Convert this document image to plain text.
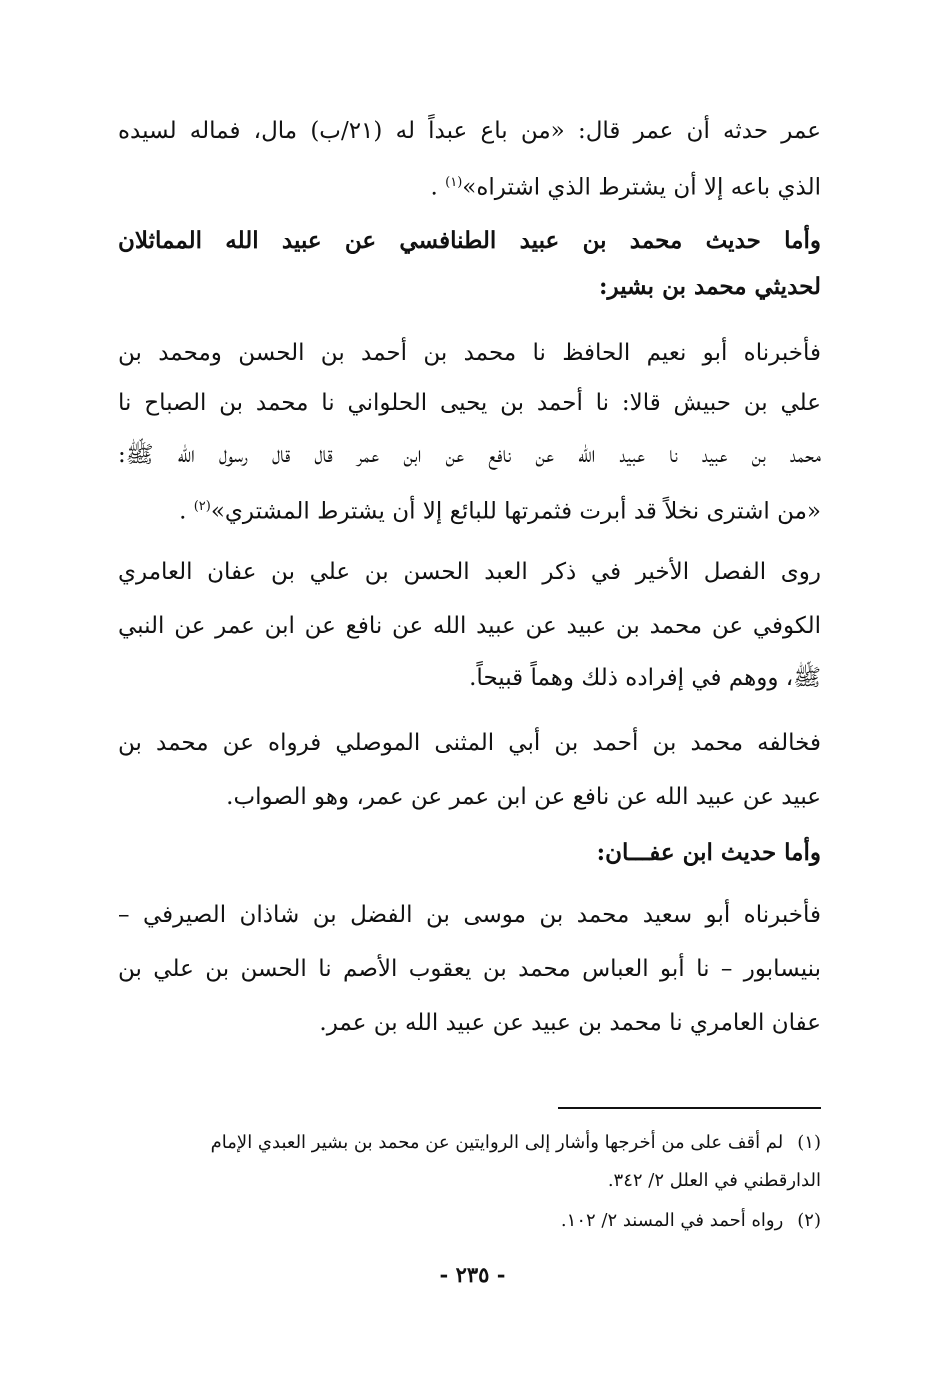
عمر حدثه أن عمر قال: «من باع عبداً له (٢١/ب) مال، فماله لسيده
الذي باعه إلا أن يشترط الذي اشتراه»$^{(١)}$ .
وأما حديث محمد بن عبيد الطنافسي عن عبيد الله المماثلان
لحديثي محمد بن بشير:
فأخبرناه أبو نعيم الحافظ نا محمد بن أحمد بن الحسن ومحمد بن
علي بن حبيش قالا: نا أحمد بن يحيى الحلواني نا محمد بن الصباح نا
محمد بن عبيد نا عبيد الله عن نافع عن ابن عمر قال قال رسول الله ﷺ:
«من اشترى نخلاً قد أبرت فثمرتها للبائع إلا أن يشترط المشتري»$^{(٢)}$ .
روى الفصل الأخير في ذكر العبد الحسن بن علي بن عفان العامري
الكوفي عن محمد بن عبيد عن عبيد الله عن نافع عن ابن عمر عن النبي
ﷺ، ووهم في إفراده ذلك وهماً قبيحاً.
فخالفه محمد بن أحمد بن أبي المثنى الموصلي فرواه عن محمد بن
عبيد عن عبيد الله عن نافع عن ابن عمر عن عمر، وهو الصواب.
وأما حديث ابن عفـــان:
فأخبرناه أبو سعيد محمد بن موسى بن الفضل بن شاذان الصيرفي –
بنيسابور – نا أبو العباس محمد بن يعقوب الأصم نا الحسن بن علي بن
عفان العامري نا محمد بن عبيد عن عبيد الله بن عمر.
(١)لم أقف على من أخرجها وأشار إلى الروايتين عن محمد بن بشير العبدي الإمام
الدارقطني في العلل ٢/ ٣٤٢.
(٢)رواه أحمد في المسند ٢/ ١٠٢.
- ٢٣٥ -
